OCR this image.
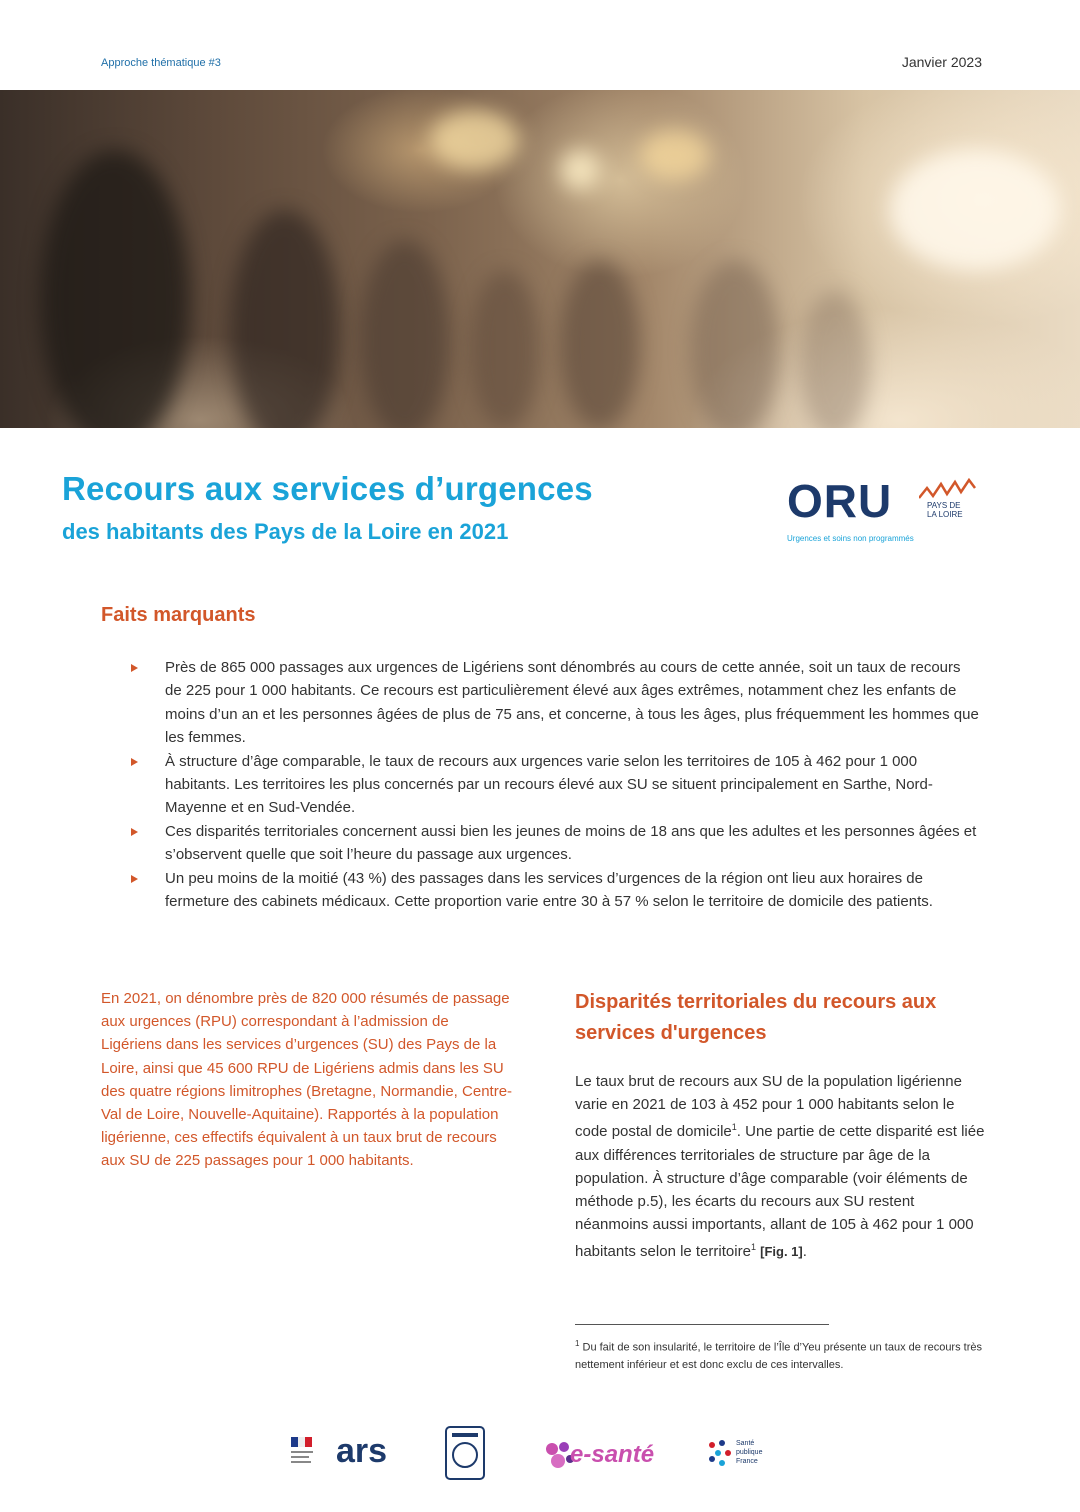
Approche thématique #3	Janvier 2023
Recours aux services d’urgences
des habitants des Pays de la Loire en 2021
ORU	PAYS DE
LA LOIRE
Urgences et soins non programmés
Faits marquants
Près de 865 000 passages aux urgences de Ligériens sont dénombrés au cours de cette année, soit un taux de recours de 225 pour 1 000 habitants. Ce recours est particulièrement élevé aux âges extrêmes, notamment chez les enfants de moins d’un an et les personnes âgées de plus de 75 ans, et concerne, à tous les âges, plus fréquemment les hommes que les femmes.
À structure d’âge comparable, le taux de recours aux urgences varie selon les territoires de 105 à 462 pour 1 000 habitants. Les territoires les plus concernés par un recours élevé aux SU se situent principalement en Sarthe, Nord-Mayenne et en Sud-Vendée.
Ces disparités territoriales concernent aussi bien les jeunes de moins de 18 ans que les adultes et les personnes âgées et s’observent quelle que soit l’heure du passage aux urgences.
Un peu moins de la moitié (43 %) des passages dans les services d’urgences de la région ont lieu aux horaires de fermeture des cabinets médicaux. Cette proportion varie entre 30 à 57 % selon le territoire de domicile des patients.

En 2021, on dénombre près de 820 000 résumés de passage aux urgences (RPU) correspondant à l’admission de Ligériens dans les services d’urgences (SU) des Pays de la Loire, ainsi que 45 600 RPU de Ligériens admis dans les SU des quatre régions limitrophes (Bretagne, Normandie, Centre-Val de Loire, Nouvelle-Aquitaine). Rapportés à la population ligérienne, ces effectifs équivalent à un taux brut de recours aux SU de 225 passages pour 1 000 habitants.

Disparités territoriales du recours aux services d'urgences

Le taux brut de recours aux SU de la population ligérienne varie en 2021 de 103 à 452 pour 1 000 habitants selon le code postal de domicile$^1$. Une partie de cette disparité est liée aux différences territoriales de structure par âge de la population. À structure d’âge comparable (voir éléments de méthode p.5), les écarts du recours aux SU restent néanmoins aussi importants, allant de 105 à 462 pour 1 000 habitants selon le territoire$^1$ [Fig. 1].

$^1$ Du fait de son insularité, le territoire de l’Île d’Yeu présente un taux de recours très nettement inférieur et est donc exclu de ces intervalles.

ars	e-santé	Santé
publique
France
